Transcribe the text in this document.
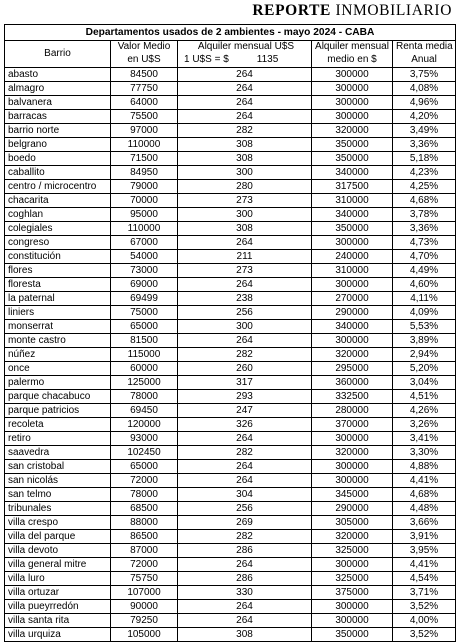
REPORTE INMOBILIARIO
Departamentos usados de 2 ambientes - mayo 2024 - CABA				
Barrio	Valor Medio	Alquiler mensual U$S	Alquiler mensual	Renta media
	en U$S	1 U$S = $ 1135	medio en $	Anual
abasto	84500	264	300000	3,75%
almagro	77750	264	300000	4,08%
balvanera	64000	264	300000	4,96%
barracas	75500	264	300000	4,20%
barrio norte	97000	282	320000	3,49%
belgrano	110000	308	350000	3,36%
boedo	71500	308	350000	5,18%
caballito	84950	300	340000	4,23%
centro / microcentro	79000	280	317500	4,25%
chacarita	70000	273	310000	4,68%
coghlan	95000	300	340000	3,78%
colegiales	110000	308	350000	3,36%
congreso	67000	264	300000	4,73%
constitución	54000	211	240000	4,70%
flores	73000	273	310000	4,49%
floresta	69000	264	300000	4,60%
la paternal	69499	238	270000	4,11%
liniers	75000	256	290000	4,09%
monserrat	65000	300	340000	5,53%
monte castro	81500	264	300000	3,89%
núñez	115000	282	320000	2,94%
once	60000	260	295000	5,20%
palermo	125000	317	360000	3,04%
parque chacabuco	78000	293	332500	4,51%
parque patricios	69450	247	280000	4,26%
recoleta	120000	326	370000	3,26%
retiro	93000	264	300000	3,41%
saavedra	102450	282	320000	3,30%
san cristobal	65000	264	300000	4,88%
san nicolás	72000	264	300000	4,41%
san telmo	78000	304	345000	4,68%
tribunales	68500	256	290000	4,48%
villa crespo	88000	269	305000	3,66%
villa del parque	86500	282	320000	3,91%
villa devoto	87000	286	325000	3,95%
villa general mitre	72000	264	300000	4,41%
villa luro	75750	286	325000	4,54%
villa ortuzar	107000	330	375000	3,71%
villa pueyrredón	90000	264	300000	3,52%
villa santa rita	79250	264	300000	4,00%
villa urquiza	105000	308	350000	3,52%
